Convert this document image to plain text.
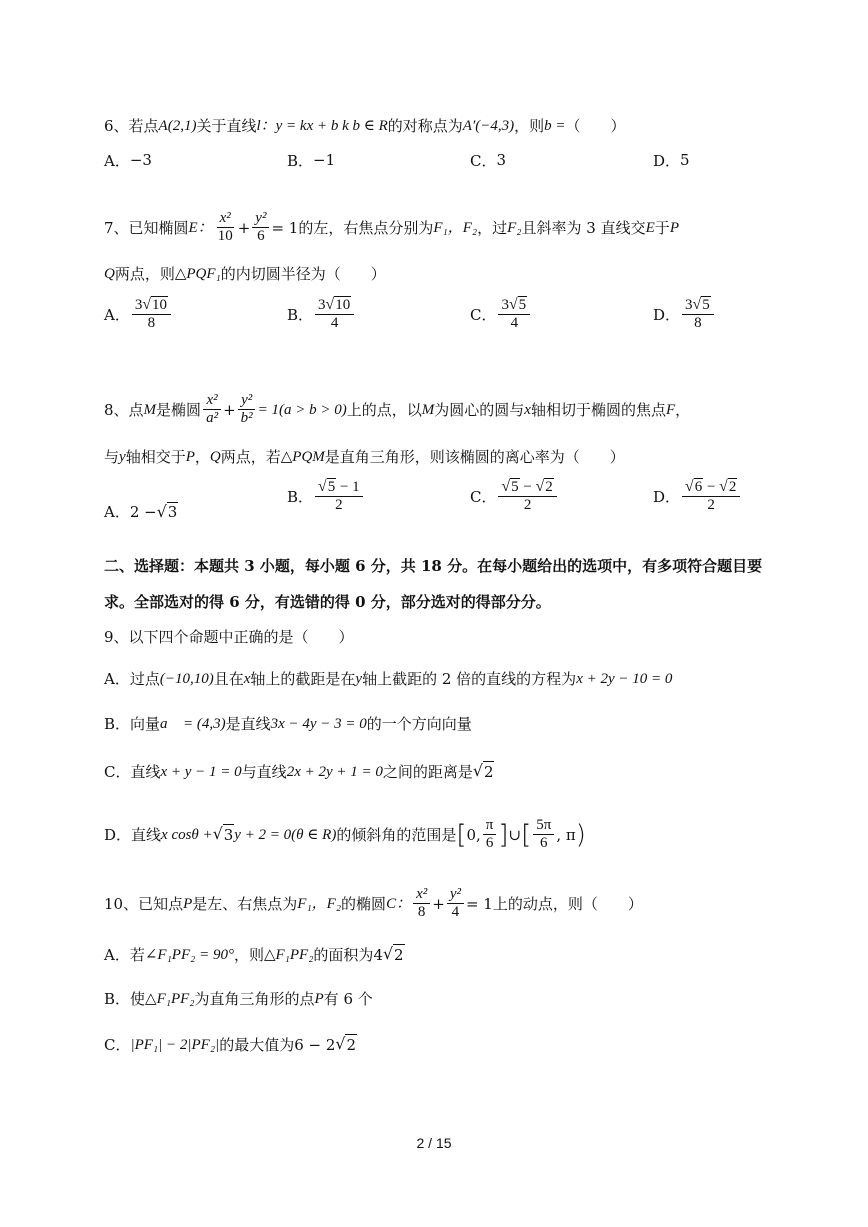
6、若点 A(2,1) 关于直线 l：y = kx + b k b ∈ R 的对称点为 A′(−4,3) ，则 b = （　　）
A． −3	B． −1	C． 3	D． 5
7、已知椭圆 E： $\frac{\text{x²}}{10} + \frac{\text{y²}}{6} = 1$ 的左，右焦点分别为 F₁，F₂ ，过 F₂ 且斜率为 3 直线交 E 于 P
Q 两点，则 △PQF₁ 的内切圆半径为（　　）
A． $\frac{3 √ 10}{8}$	B． $\frac{3 √ 10}{4}$	C． $\frac{3 √ 5}{4}$	D． $\frac{3 √ 5}{8}$
8、点 M 是椭圆 $\frac{\text{x²}}{\text{a²}} + \frac{\text{y²}}{\text{b²}} = 1(a > b > 0)$ 上的点，以 M 为圆心的圆与 x 轴相切于椭圆的焦点 F ，
与 y 轴相交于 P ， Q 两点，若 △PQM 是直角三角形，则该椭圆的离心率为（　　）
A． 2 − √ 3
B． $\frac{√ 5 - 1}{2}$	C． $\frac{√ 5 - √ 2}{2}$	D． $\frac{√ 6 - √ 2}{2}$
二、选择题：本题共 3 小题，每小题 6 分，共 18 分。在每小题给出的选项中，有多项符合题目要
求。全部选对的得 6 分，有选错的得 0 分，部分选对的得部分分。
9、以下四个命题中正确的是（　　）
A．过点 (−10,10) 且在 x 轴上的截距是在 y 轴上截距的 2 倍的直线的方程为 x + 2y − 10 = 0
B．向量 a⃗ = (4,3) 是直线 3x − 4y − 3 = 0 的一个方向向量
C．直线 x + y − 1 = 0 与直线 2x + 2y + 1 = 0 之间的距离是 √ 2
D．直线 x cosθ + √ 3 y + 2 = 0(θ ∈ R) 的倾斜角的范围是 [ 0, $\frac{\pi}{6}$ ] ∪ [ $\frac{5\pi}{6}$ , π )
10、已知点 P 是左、右焦点为 F₁，F₂ 的椭圆 C： $\frac{\text{x²}}{8} + \frac{\text{y²}}{4} = 1$ 上的动点，则（　　）
A．若 ∠F₁PF₂ = 90° ，则 △F₁PF₂ 的面积为 4 √ 2
B．使 △F₁PF₂ 为直角三角形的点 P 有 6 个
C． |PF₁| − 2|PF₂| 的最大值为 6 − 2 √ 2
2 / 15
